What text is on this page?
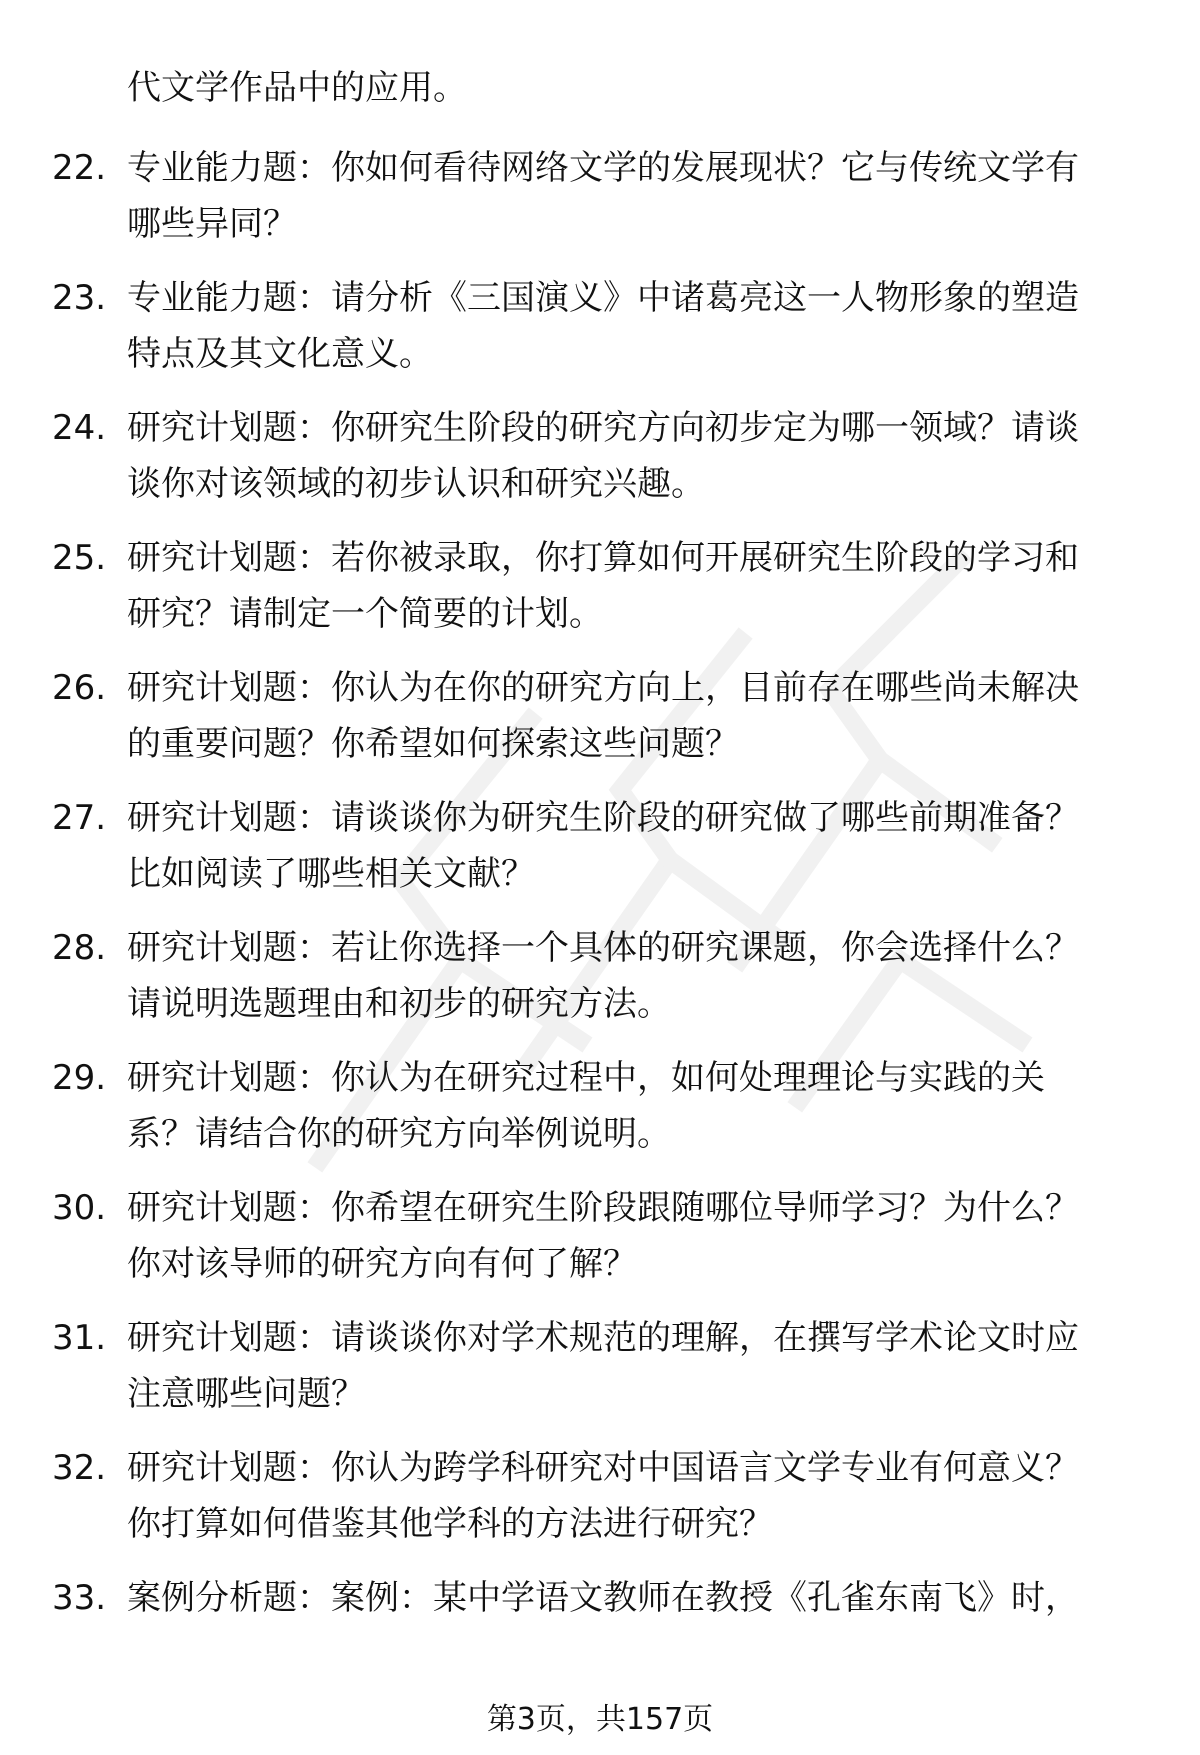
代文学作品中的应用。
22. 专业能力题：你如何看待网络文学的发展现状？它与传统文学有
哪些异同？
23. 专业能力题：请分析《三国演义》中诸葛亮这一人物形象的塑造
特点及其文化意义。
24. 研究计划题：你研究生阶段的研究方向初步定为哪一领域？请谈
谈你对该领域的初步认识和研究兴趣。
25. 研究计划题：若你被录取，你打算如何开展研究生阶段的学习和
研究？请制定一个简要的计划。
26. 研究计划题：你认为在你的研究方向上，目前存在哪些尚未解决
的重要问题？你希望如何探索这些问题？
27. 研究计划题：请谈谈你为研究生阶段的研究做了哪些前期准备？
比如阅读了哪些相关文献？
28. 研究计划题：若让你选择一个具体的研究课题，你会选择什么？
请说明选题理由和初步的研究方法。
29. 研究计划题：你认为在研究过程中，如何处理理论与实践的关
系？请结合你的研究方向举例说明。
30. 研究计划题：你希望在研究生阶段跟随哪位导师学习？为什么？
你对该导师的研究方向有何了解？
31. 研究计划题：请谈谈你对学术规范的理解，在撰写学术论文时应
注意哪些问题？
32. 研究计划题：你认为跨学科研究对中国语言文学专业有何意义？
你打算如何借鉴其他学科的方法进行研究？
33. 案例分析题：案例：某中学语文教师在教授《孔雀东南飞》时，
第3页，共157页
